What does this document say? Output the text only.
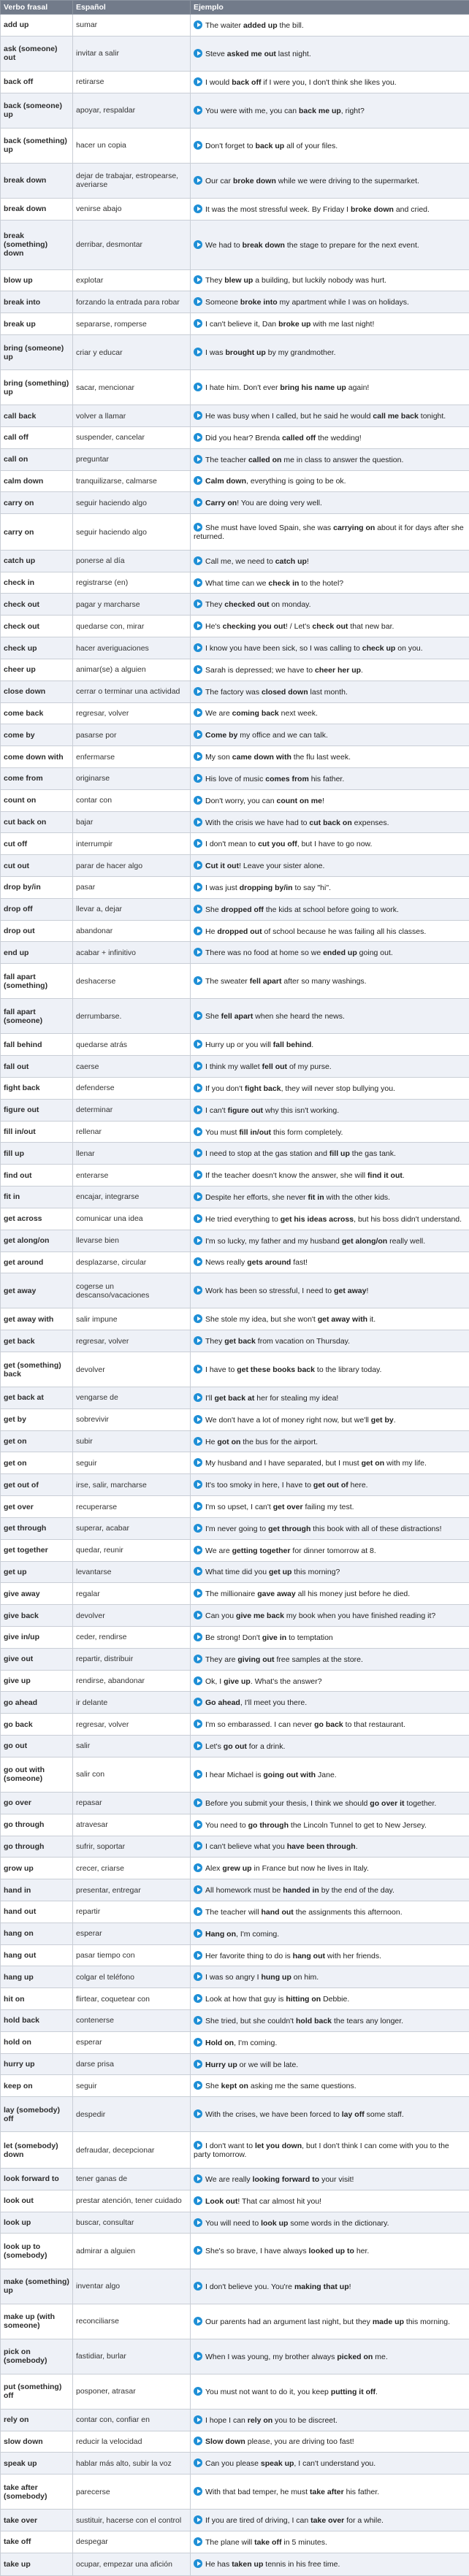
Verbo frasal	Español	Ejemplo
add up	sumar	The waiter added up the bill.
ask (someone) out	invitar a salir	Steve asked me out last night.
back off	retirarse	I would back off if I were you, I don't think she likes you.
back (someone) up	apoyar, respaldar	You were with me, you can back me up, right?
back (something) up	hacer un copia	Don't forget to back up all of your files.
break down	dejar de trabajar, estropearse, averiarse	Our car broke down while we were driving to the supermarket.
break down	venirse abajo	It was the most stressful week. By Friday I broke down and cried.
break (something) down	derribar, desmontar	We had to break down the stage to prepare for the next event.
blow up	explotar	They blew up a building, but luckily nobody was hurt.
break into	forzando la entrada para robar	Someone broke into my apartment while I was on holidays.
break up	separarse, romperse	I can't believe it, Dan broke up with me last night!
bring (someone) up	criar y educar	I was brought up by my grandmother.
bring (something) up	sacar, mencionar	I hate him. Don't ever bring his name up again!
call back	volver a llamar	He was busy when I called, but he said he would call me back tonight.
call off	suspender, cancelar	Did you hear? Brenda called off the wedding!
call on	preguntar	The teacher called on me in class to answer the question.
calm down	tranquilizarse, calmarse	Calm down, everything is going to be ok.
carry on	seguir haciendo algo	Carry on! You are doing very well.
carry on	seguir haciendo algo	She must have loved Spain, she was carrying on about it for days after she returned.
catch up	ponerse al día	Call me, we need to catch up!
check in	registrarse (en)	What time can we check in to the hotel?
check out	pagar y marcharse	They checked out on monday.
check out	quedarse con, mirar	He's checking you out! / Let's check out that new bar.
check up	hacer averiguaciones	I know you have been sick, so I was calling to check up on you.
cheer up	animar(se) a alguien	Sarah is depressed; we have to cheer her up.
close down	cerrar o terminar una actividad	The factory was closed down last month.
come back	regresar, volver	We are coming back next week.
come by	pasarse por	Come by my office and we can talk.
come down with	enfermarse	My son came down with the flu last week.
come from	originarse	His love of music comes from his father.
count on	contar con	Don't worry, you can count on me!
cut back on	bajar	With the crisis we have had to cut back on expenses.
cut off	interrumpir	I don't mean to cut you off, but I have to go now.
cut out	parar de hacer algo	Cut it out! Leave your sister alone.
drop by/in	pasar	I was just dropping by/in to say "hi".
drop off	llevar a, dejar	She dropped off the kids at school before going to work.
drop out	abandonar	He dropped out of school because he was failing all his classes.
end up	acabar + infinitivo	There was no food at home so we ended up going out.
fall apart (something)	deshacerse	The sweater fell apart after so many washings.
fall apart (someone)	derrumbarse.	She fell apart when she heard the news.
fall behind	quedarse atrás	Hurry up or you will fall behind.
fall out	caerse	I think my wallet fell out of my purse.
fight back	defenderse	If you don't fight back, they will never stop bullying you.
figure out	determinar	I can't figure out why this isn't working.
fill in/out	rellenar	You must fill in/out this form completely.
fill up	llenar	I need to stop at the gas station and fill up the gas tank.
find out	enterarse	If the teacher doesn't know the answer, she will find it out.
fit in	encajar, integrarse	Despite her efforts, she never fit in with the other kids.
get across	comunicar una idea	He tried everything to get his ideas across, but his boss didn't understand.
get along/on	llevarse bien	I'm so lucky, my father and my husband get along/on really well.
get around	desplazarse, circular	News really gets around fast!
get away	cogerse un descanso/vacaciones	Work has been so stressful, I need to get away!
get away with	salir impune	She stole my idea, but she won't get away with it.
get back	regresar, volver	They get back from vacation on Thursday.
get (something) back	devolver	I have to get these books back to the library today.
get back at	vengarse de	I'll get back at her for stealing my idea!
get by	sobrevivir	We don't have a lot of money right now, but we'll get by.
get on	subir	He got on the bus for the airport.
get on	seguir	My husband and I have separated, but I must get on with my life.
get out of	irse, salir, marcharse	It's too smoky in here, I have to get out of here.
get over	recuperarse	I'm so upset, I can't get over failing my test.
get through	superar, acabar	I'm never going to get through this book with all of these distractions!
get together	quedar, reunir	We are getting together for dinner tomorrow at 8.
get up	levantarse	What time did you get up this morning?
give away	regalar	The millionaire gave away all his money just before he died.
give back	devolver	Can you give me back my book when you have finished reading it?
give in/up	ceder, rendirse	Be strong! Don't give in to temptation
give out	repartir, distribuir	They are giving out free samples at the store.
give up	rendirse, abandonar	Ok, I give up. What's the answer?
go ahead	ir delante	Go ahead, I'll meet you there.
go back	regresar, volver	I'm so embarassed. I can never go back to that restaurant.
go out	salir	Let's go out for a drink.
go out with (someone)	salir con	I hear Michael is going out with Jane.
go over	repasar	Before you submit your thesis, I think we should go over it together.
go through	atravesar	You need to go through the Lincoln Tunnel to get to New Jersey.
go through	sufrir, soportar	I can't believe what you have been through.
grow up	crecer, criarse	Alex grew up in France but now he lives in Italy.
hand in	presentar, entregar	All homework must be handed in by the end of the day.
hand out	repartir	The teacher will hand out the assignments this afternoon.
hang on	esperar	Hang on, I'm coming.
hang out	pasar tiempo con	Her favorite thing to do is hang out with her friends.
hang up	colgar el teléfono	I was so angry I hung up on him.
hit on	flirtear, coquetear con	Look at how that guy is hitting on Debbie.
hold back	contenerse	She tried, but she couldn't hold back the tears any longer.
hold on	esperar	Hold on, I'm coming.
hurry up	darse prisa	Hurry up or we will be late.
keep on	seguir	She kept on asking me the same questions.
lay (somebody) off	despedir	With the crises, we have been forced to lay off some staff.
let (somebody) down	defraudar, decepcionar	I don't want to let you down, but I don't think I can come with you to the party tomorrow.
look forward to	tener ganas de	We are really looking forward to your visit!
look out	prestar atención, tener cuidado	Look out! That car almost hit you!
look up	buscar, consultar	You will need to look up some words in the dictionary.
look up to (somebody)	admirar a alguien	She's so brave, I have always looked up to her.
make (something) up	inventar algo	I don't believe you. You're making that up!
make up (with someone)	reconciliarse	Our parents had an argument last night, but they made up this morning.
pick on (somebody)	fastidiar, burlar	When I was young, my brother always picked on me.
put (something) off	posponer, atrasar	You must not want to do it, you keep putting it off.
rely on	contar con, confiar en	I hope I can rely on you to be discreet.
slow down	reducir la velocidad	Slow down please, you are driving too fast!
speak up	hablar más alto, subir la voz	Can you please speak up, I can't understand you.
take after (somebody)	parecerse	With that bad temper, he must take after his father.
take over	sustituir, hacerse con el control	If you are tired of driving, I can take over for a while.
take off	despegar	The plane will take off in 5 minutes.
take up	ocupar, empezar una afición	He has taken up tennis in his free time.
